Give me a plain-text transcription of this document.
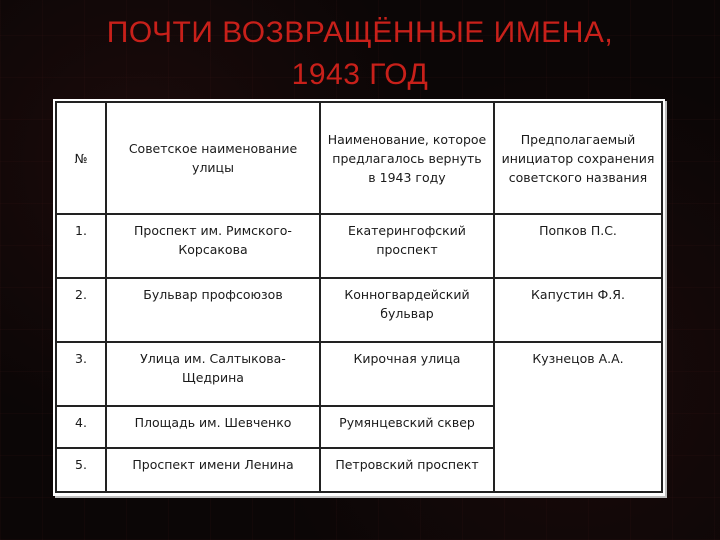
ПОЧТИ ВОЗВРАЩЁННЫЕ ИМЕНА,
1943 ГОД
№	Советское наименование улицы	Наименование, которое предлагалось вернуть в 1943 году	Предполагаемый инициатор сохранения советского названия
1.	Проспект им. Римского-Корсакова	Екатерингофский проспект	Попков П.С.
2.	Бульвар профсоюзов	Конногвардейский бульвар	Капустин Ф.Я.
3.	Улица им. Салтыкова-Щедрина	Кирочная улица	Кузнецов А.А.
4.	Площадь им. Шевченко	Румянцевский сквер	
5.	Проспект имени Ленина	Петровский проспект	
